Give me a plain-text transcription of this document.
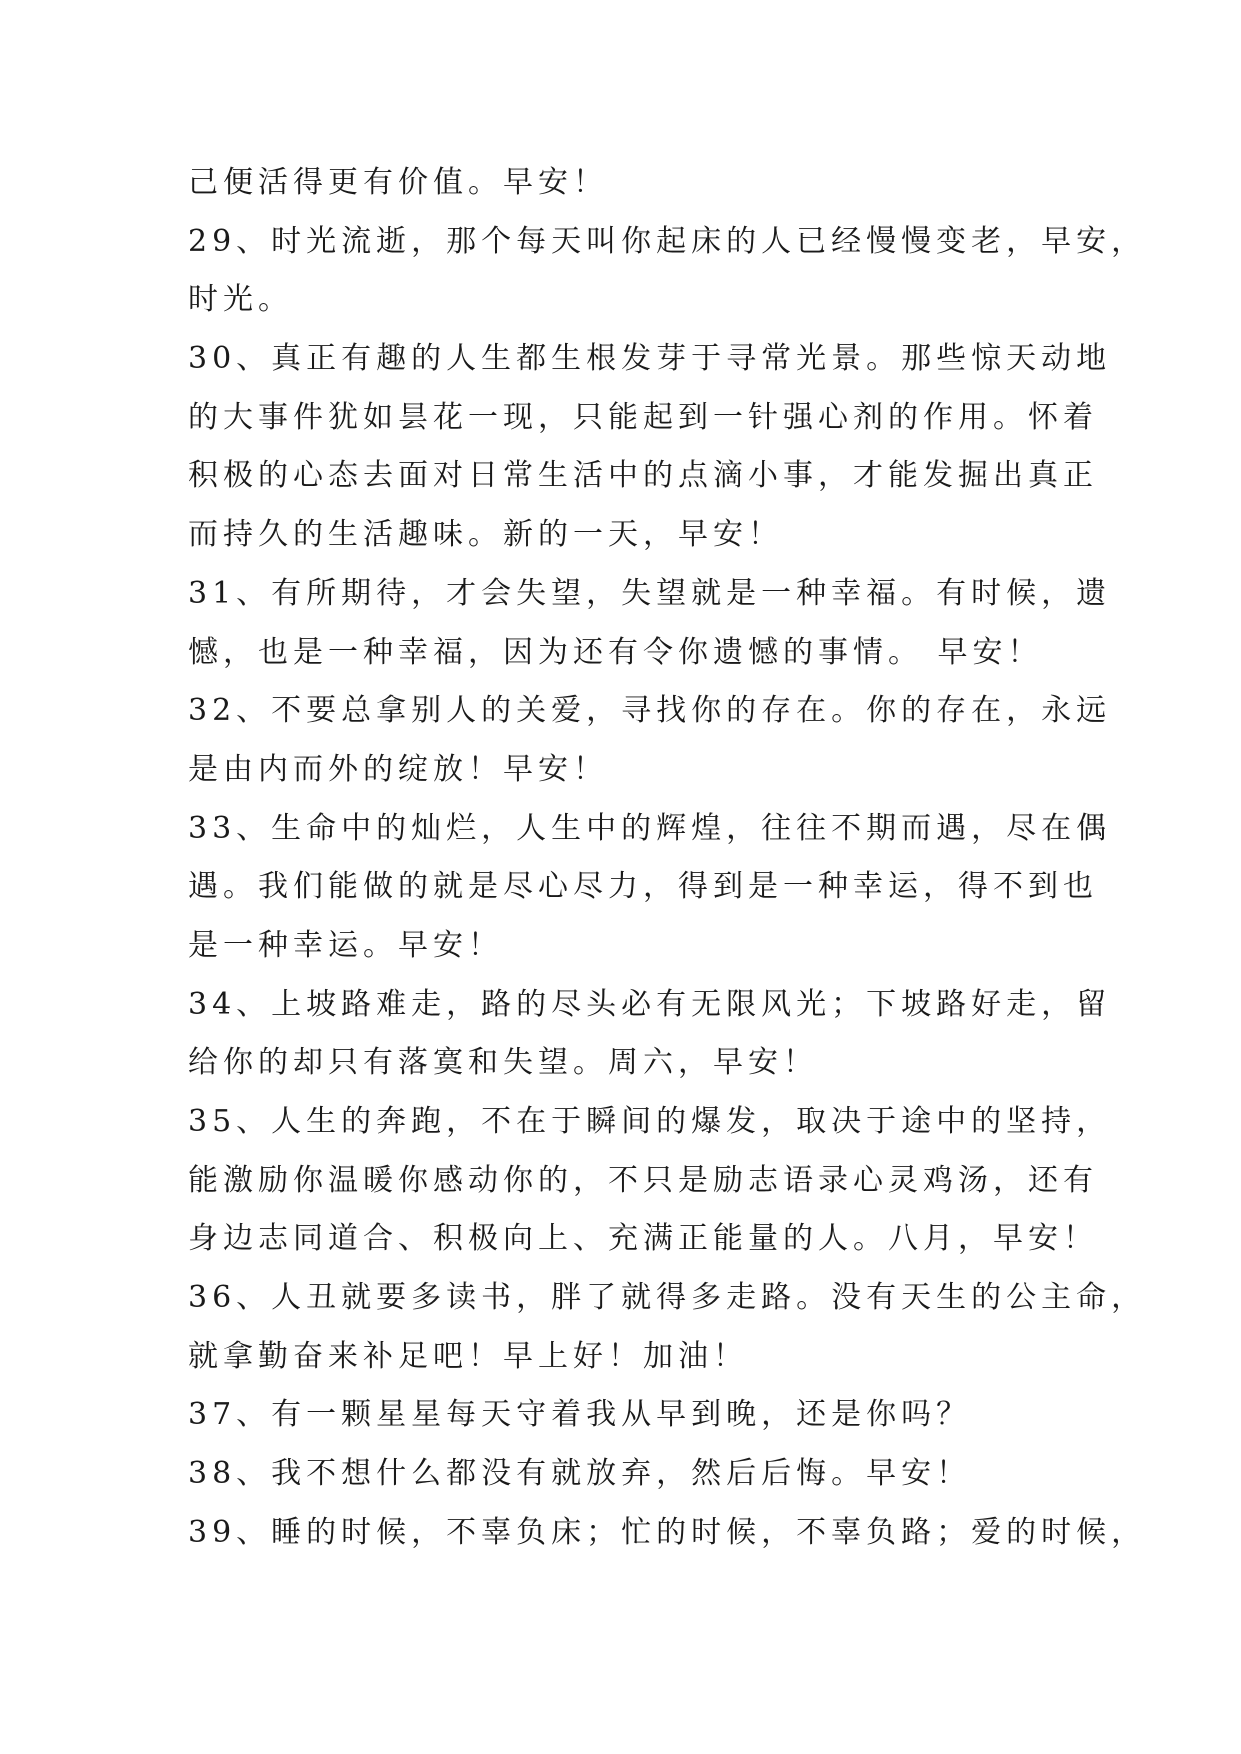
己便活得更有价值。早安！
29、时光流逝，那个每天叫你起床的人已经慢慢变老，早安，
时光。
30、真正有趣的人生都生根发芽于寻常光景。那些惊天动地
的大事件犹如昙花一现，只能起到一针强心剂的作用。怀着
积极的心态去面对日常生活中的点滴小事，才能发掘出真正
而持久的生活趣味。新的一天，早安！
31、有所期待，才会失望，失望就是一种幸福。有时候，遗
憾，也是一种幸福，因为还有令你遗憾的事情。 早安！
32、不要总拿别人的关爱，寻找你的存在。你的存在，永远
是由内而外的绽放！早安！
33、生命中的灿烂，人生中的辉煌，往往不期而遇，尽在偶
遇。我们能做的就是尽心尽力，得到是一种幸运，得不到也
是一种幸运。早安！
34、上坡路难走，路的尽头必有无限风光；下坡路好走，留
给你的却只有落寞和失望。周六，早安！
35、人生的奔跑，不在于瞬间的爆发，取决于途中的坚持，
能激励你温暖你感动你的，不只是励志语录心灵鸡汤，还有
身边志同道合、积极向上、充满正能量的人。八月，早安！
36、人丑就要多读书，胖了就得多走路。没有天生的公主命，
就拿勤奋来补足吧！早上好！加油！
37、有一颗星星每天守着我从早到晚，还是你吗？
38、我不想什么都没有就放弃，然后后悔。早安！
39、睡的时候，不辜负床；忙的时候，不辜负路；爱的时候，
